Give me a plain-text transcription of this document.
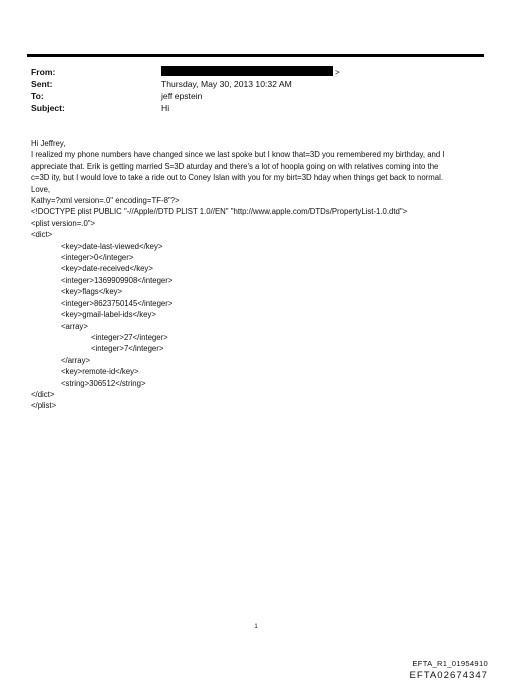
From:	>
Sent:	Thursday, May 30, 2013 10:32 AM
To:	jeff epstein
Subject:	Hi

Hi Jeffrey,

I realized my phone numbers have changed since we last spoke but I know that=3D you remembered my birthday, and I

appreciate that. Erik is getting married S=3D aturday and there's a lot of hoopla going on with relatives coming into the

c=3D ity, but I would love to take a ride out to Coney Islan with you for my birt=3D hday when things get back to normal.

Love,

Kathy=?xml version=.0" encoding=TF-8"?>

<!DOCTYPE plist PUBLIC "-//Apple//DTD PLIST 1.0//EN" "http://www.apple.com/DTDs/PropertyList-1.0.dtd">

<plist version=.0">

<dict>

<key>date-last-viewed</key>

<integer>0</integer>

<key>date-received</key>

<integer>1369909908</integer>

<key>flags</key>

<integer>8623750145</integer>

<key>gmail-label-ids</key>

<array>

<integer>27</integer>

<integer>7</integer>

</array>

<key>remote-id</key>

<string>306512</string>

</dict>

</plist>

1
EFTA_R1_01954910
EFTA02674347
